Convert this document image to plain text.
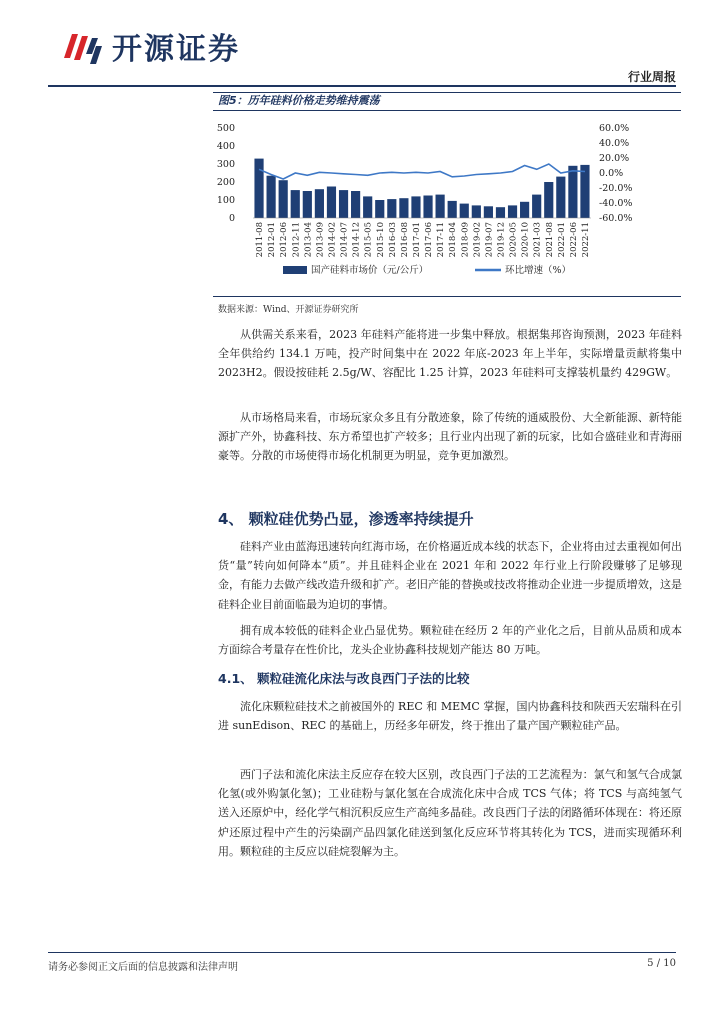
开源证券
行业周报
图5：历年硅料价格走势维持震荡
0
100
200
300
400
500
-60.0%
-40.0%
-20.0%
0.0%
20.0%
40.0%
60.0%
2011-08 2012-01 2012-06 2012-11 2013-04 2013-09 2014-02 2014-07 2014-12 2015-05 2015-10 2016-03 2016-08 2017-01 2017-06 2017-11 2018-04 2018-09 2019-02 2019-07 2019-12 2020-05 2020-10 2021-03 2021-08 2022-01 2022-06 2022-11
国产硅料市场价（元/公斤）	环比增速（%）
数据来源：Wind、开源证券研究所

从供需关系来看，2023 年硅料产能将进一步集中释放。根据集邦咨询预测，2023 年硅料全年供给约 134.1 万吨，投产时间集中在 2022 年底-2023 年上半年，实际增量贡献将集中 2023H2。假设按硅耗 2.5g/W、容配比 1.25 计算，2023 年硅料可支撑装机量约 429GW。

从市场格局来看，市场玩家众多且有分散迹象，除了传统的通威股份、大全新能源、新特能源扩产外，协鑫科技、东方希望也扩产较多；且行业内出现了新的玩家，比如合盛硅业和青海丽豪等。分散的市场使得市场化机制更为明显，竞争更加激烈。

4、 颗粒硅优势凸显，渗透率持续提升

硅料产业由蓝海迅速转向红海市场，在价格逼近成本线的状态下，企业将由过去重视如何出货“量”转向如何降本“质”。并且硅料企业在 2021 年和 2022 年行业上行阶段赚够了足够现金，有能力去做产线改造升级和扩产。老旧产能的替换或技改将推动企业进一步提质增效，这是硅料企业目前面临最为迫切的事情。

拥有成本较低的硅料企业凸显优势。颗粒硅在经历 2 年的产业化之后，目前从品质和成本方面综合考量存在性价比，龙头企业协鑫科技规划产能达 80 万吨。

4.1、 颗粒硅流化床法与改良西门子法的比较

流化床颗粒硅技术之前被国外的 REC 和 MEMC 掌握，国内协鑫科技和陕西天宏瑞科在引进 sunEdison、REC 的基础上，历经多年研发，终于推出了量产国产颗粒硅产品。

西门子法和流化床法主反应存在较大区别，改良西门子法的工艺流程为：氯气和氢气合成氯化氢(或外购氯化氢)；工业硅粉与氯化氢在合成流化床中合成 TCS 气体；将 TCS 与高纯氢气送入还原炉中，经化学气相沉积反应生产高纯多晶硅。改良西门子法的闭路循环体现在：将还原炉还原过程中产生的污染副产品四氯化硅送到氢化反应环节将其转化为 TCS，进而实现循环利用。颗粒硅的主反应以硅烷裂解为主。

请务必参阅正文后面的信息披露和法律声明	5 / 10
